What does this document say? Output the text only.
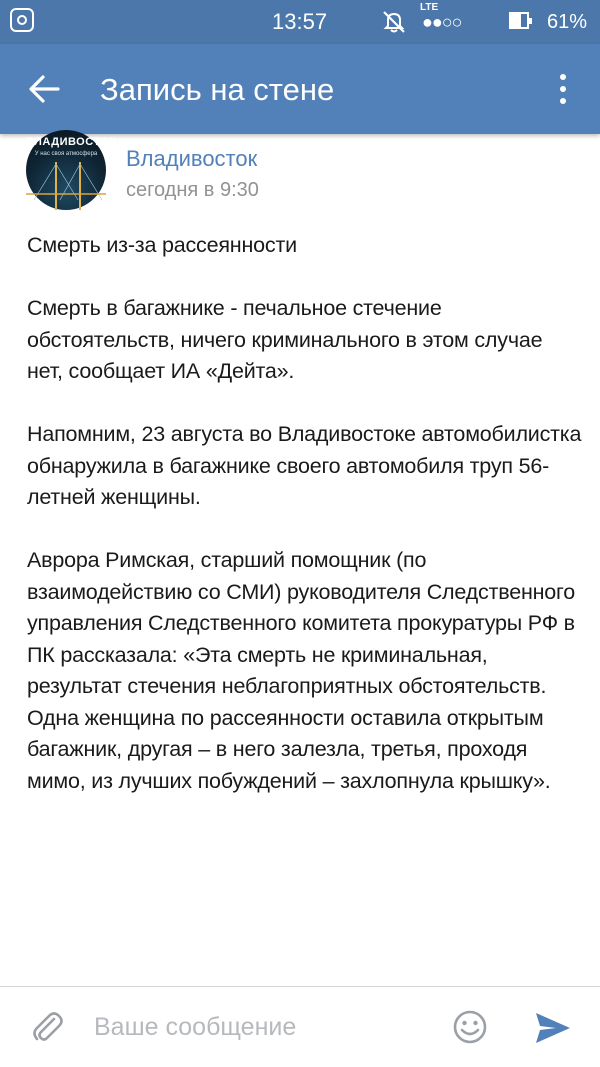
13:57
LTE
●●○○	61%
Запись на стене
ВЛАДИВОСТОК
У нас своя атмосфера	Владивосток
сегодня в 9:30

Смерть из-за рассеянности

Смерть в багажнике - печальное стечение обстоятельств, ничего криминального в этом случае нет, сообщает ИА «Дейта».

Напомним, 23 августа во Владивостоке автомобилистка обнаружила в багажнике своего автомобиля труп 56-летней женщины.

Аврора Римская, старший помощник (по взаимодействию со СМИ) руководителя Следственного управления Следственного комитета прокуратуры РФ в ПК рассказала: «Эта смерть не криминальная, результат стечения неблагоприятных обстоятельств. Одна женщина по рассеянности оставила открытым багажник, другая – в него залезла, третья, проходя мимо, из лучших побуждений – захлопнула крышку».

Ваше сообщение
